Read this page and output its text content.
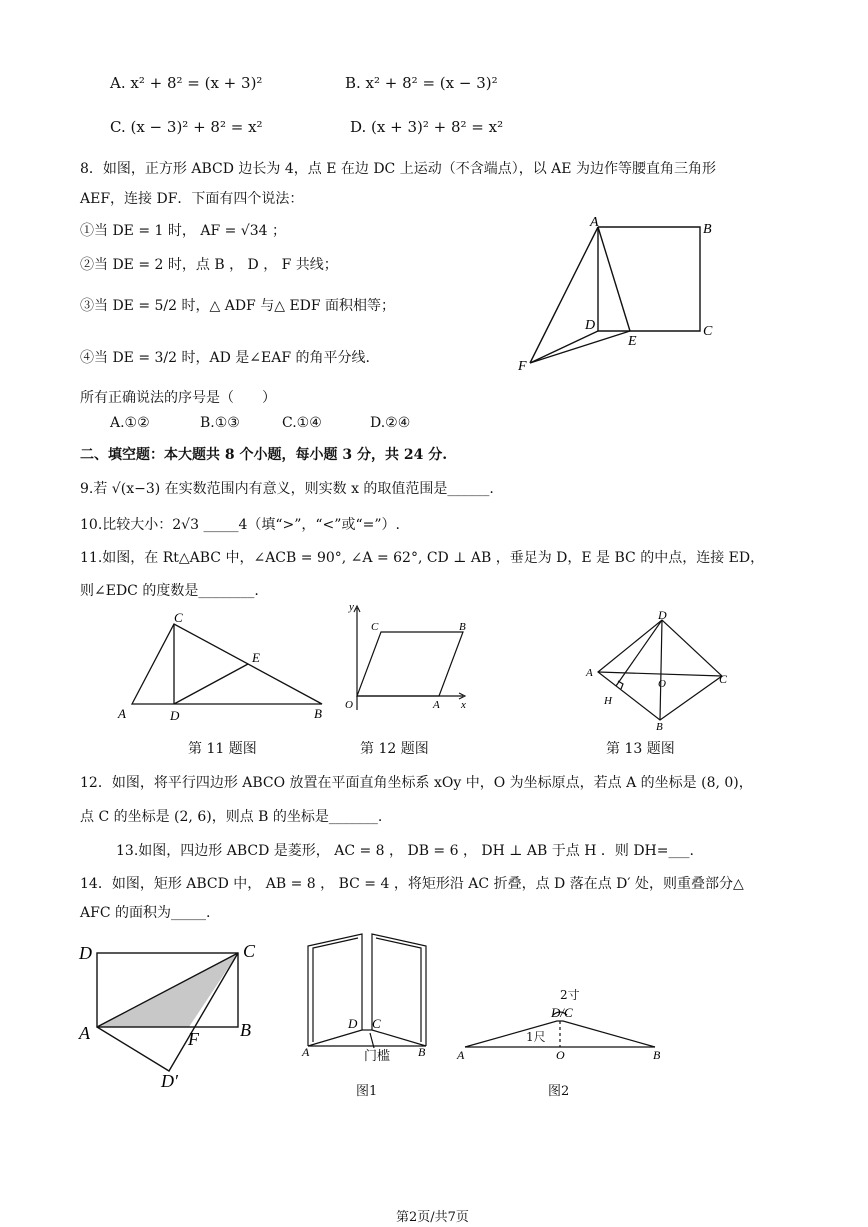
A. x² + 8² = (x + 3)²	B. x² + 8² = (x − 3)²
C. (x − 3)² + 8² = x²	D. (x + 3)² + 8² = x²
8．如图，正方形 ABCD 边长为 4，点 E 在边 DC 上运动（不含端点），以 AE 为边作等腰直角三角形
AEF，连接 DF．下面有四个说法：
①当 DE = 1 时， AF = √34 ；
②当 DE = 2 时，点 B ， D ， F 共线；
③当 DE = 5/2 时，△ ADF 与△ EDF 面积相等；
④当 DE = 3/2 时，AD 是∠EAF 的角平分线.
所有正确说法的序号是（　　）
A.①②	B.①③	C.①④	D.②④
A	B
C
D
E
F
二、填空题：本大题共 8 个小题，每小题 3 分，共 24 分.
9.若 √(x−3) 在实数范围内有意义，则实数 x 的取值范围是______.
10.比较大小：2√3 _____4（填“>”，“<”或“=”）.
11.如图，在 Rt△ABC 中，∠ACB = 90°, ∠A = 62°, CD ⊥ AB ，垂足为 D，E 是 BC 的中点，连接 ED，
则∠EDC 的度数是________.
A	B
C
D
E
第 11 题图
O	A
B
C
x
y
第 12 题图
A
B
C
D
H
O
第 13 题图
12．如图，将平行四边形 ABCO 放置在平面直角坐标系 xOy 中，O 为坐标原点，若点 A 的坐标是 (8, 0)，
点 C 的坐标是 (2, 6)，则点 B 的坐标是_______.
13.如图，四边形 ABCD 是菱形， AC = 8 ， DB = 6 ， DH ⊥ AB 于点 H ．则 DH=___.
14．如图，矩形 ABCD 中， AB = 8 ， BC = 4 ，将矩形沿 AC 折叠，点 D 落在点 D′ 处，则重叠部分△
AFC 的面积为_____.
D	C
A	B
F
D′
D C
A	B
门槛
图1
D/C
A	B
O
2寸
1尺
图2
第2页/共7页
